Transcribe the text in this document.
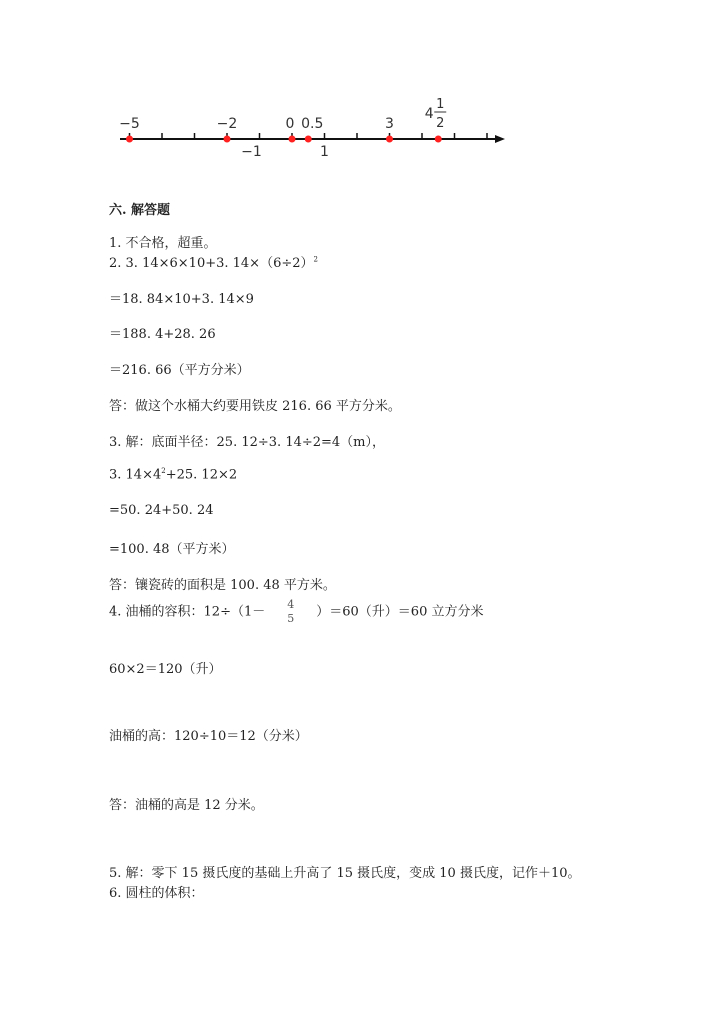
−5	−2	0 0.5	3
−1	1
4
1
2
六. 解答题
1. 不合格，超重。
2. 3. 14×6×10+3. $14\times(6\div 2)^2$
＝18. 84×10+3. 14×9
＝188. 4+28. 26
＝216. 66（平方分米）
答：做这个水桶大约要用铁皮 216. 66 平方分米。
3. 解：底面半径：25. 12÷3. 14÷2=4（m），
3. $14\times 4^2+25$. 12×2
=50. 24+50. 24
=100. 48（平方米）
答：镶瓷砖的面积是 100. 48 平方米。
4. 油桶的容积：12÷（1－ 4
5 ）＝60（升）＝60 立方分米
60×2＝120（升）
油桶的高：120÷10＝12（分米）
答：油桶的高是 12 分米。
5. 解：零下 15 摄氏度的基础上升高了 15 摄氏度，变成 10 摄氏度，记作＋10。
6. 圆柱的体积：
